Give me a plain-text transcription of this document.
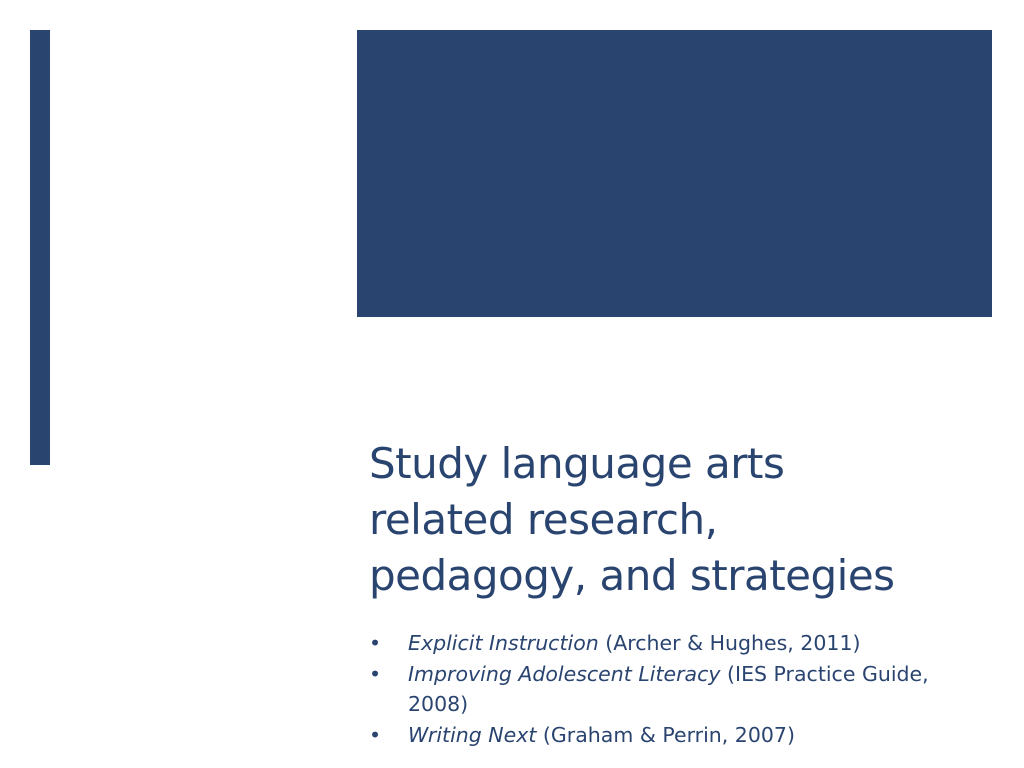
Study language arts
related research,
pedagogy, and strategies
• Explicit Instruction (Archer & Hughes, 2011)
• Improving Adolescent Literacy (IES Practice Guide, 2008)
• Writing Next (Graham & Perrin, 2007)
